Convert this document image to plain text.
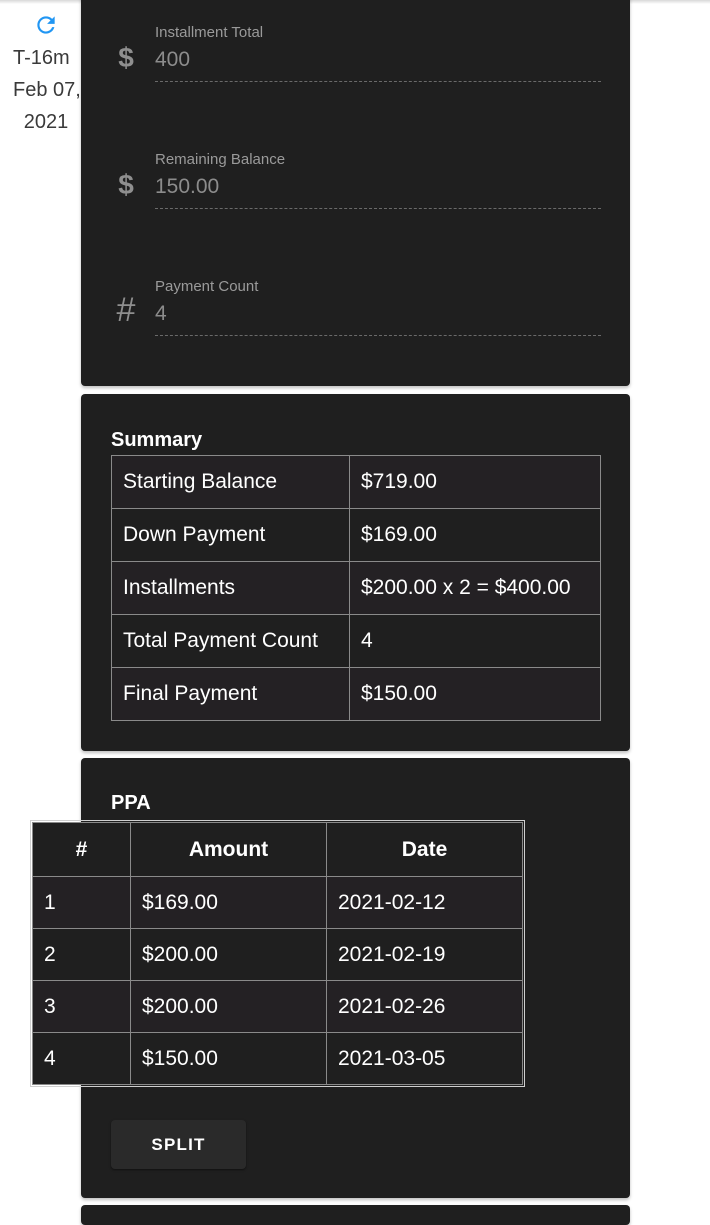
T-16m
Feb 07,
2021
$
Installment Total
400
$
Remaining Balance
150.00
#
Payment Count
4
Summary
Starting Balance	$719.00
Down Payment	$169.00
Installments	$200.00 x 2 = $400.00
Total Payment Count	4
Final Payment	$150.00
PPA
SPLIT
#	Amount	Date
1	$169.00	2021-02-12
2	$200.00	2021-02-19
3	$200.00	2021-02-26
4	$150.00	2021-03-05
